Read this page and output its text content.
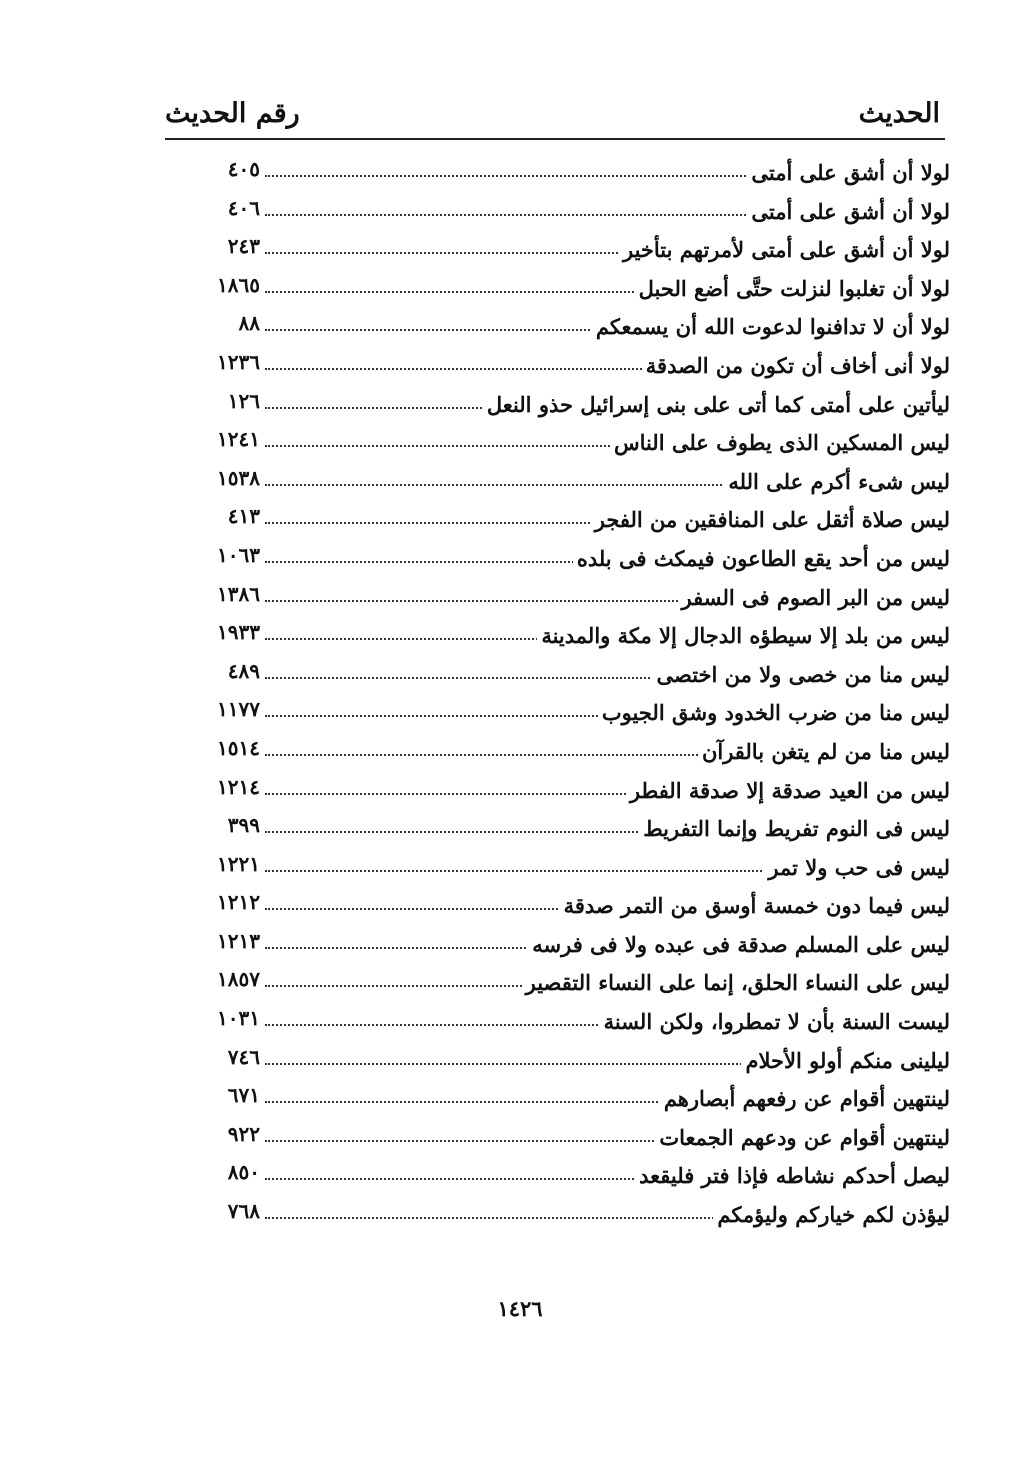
الحديث
رقم الحديث
لولا أن أشق على أمتى
٤٠٥
لولا أن أشق على أمتى
٤٠٦
لولا أن أشق على أمتى لأمرتهم بتأخير
٢٤٣
لولا أن تغلبوا لنزلت حتَّى أضع الحبل
١٨٦٥
لولا أن لا تدافنوا لدعوت الله أن يسمعكم
٨٨
لولا أنى أخاف أن تكون من الصدقة
١٢٣٦
ليأتين على أمتى كما أتى على بنى إسرائيل حذو النعل
١٢٦
ليس المسكين الذى يطوف على الناس
١٢٤١
ليس شىء أكرم على الله
١٥٣٨
ليس صلاة أثقل على المنافقين من الفجر
٤١٣
ليس من أحد يقع الطاعون فيمكث فى بلده
١٠٦٣
ليس من البر الصوم فى السفر
١٣٨٦
ليس من بلد إلا سيطؤه الدجال إلا مكة والمدينة
١٩٣٣
ليس منا من خصى ولا من اختصى
٤٨٩
ليس منا من ضرب الخدود وشق الجيوب
١١٧٧
ليس منا من لم يتغن بالقرآن
١٥١٤
ليس من العيد صدقة إلا صدقة الفطر
١٢١٤
ليس فى النوم تفريط وإنما التفريط
٣٩٩
ليس فى حب ولا تمر
١٢٢١
ليس فيما دون خمسة أوسق من التمر صدقة
١٢١٢
ليس على المسلم صدقة فى عبده ولا فى فرسه
١٢١٣
ليس على النساء الحلق، إنما على النساء التقصير
١٨٥٧
ليست السنة بأن لا تمطروا، ولكن السنة
١٠٣١
ليلينى منكم أولو الأحلام
٧٤٦
لينتهين أقوام عن رفعهم أبصارهم
٦٧١
لينتهين أقوام عن ودعهم الجمعات
٩٢٢
ليصل أحدكم نشاطه فإذا فتر فليقعد
٨٥٠
ليؤذن لكم خياركم وليؤمكم
٧٦٨
١٤٢٦
